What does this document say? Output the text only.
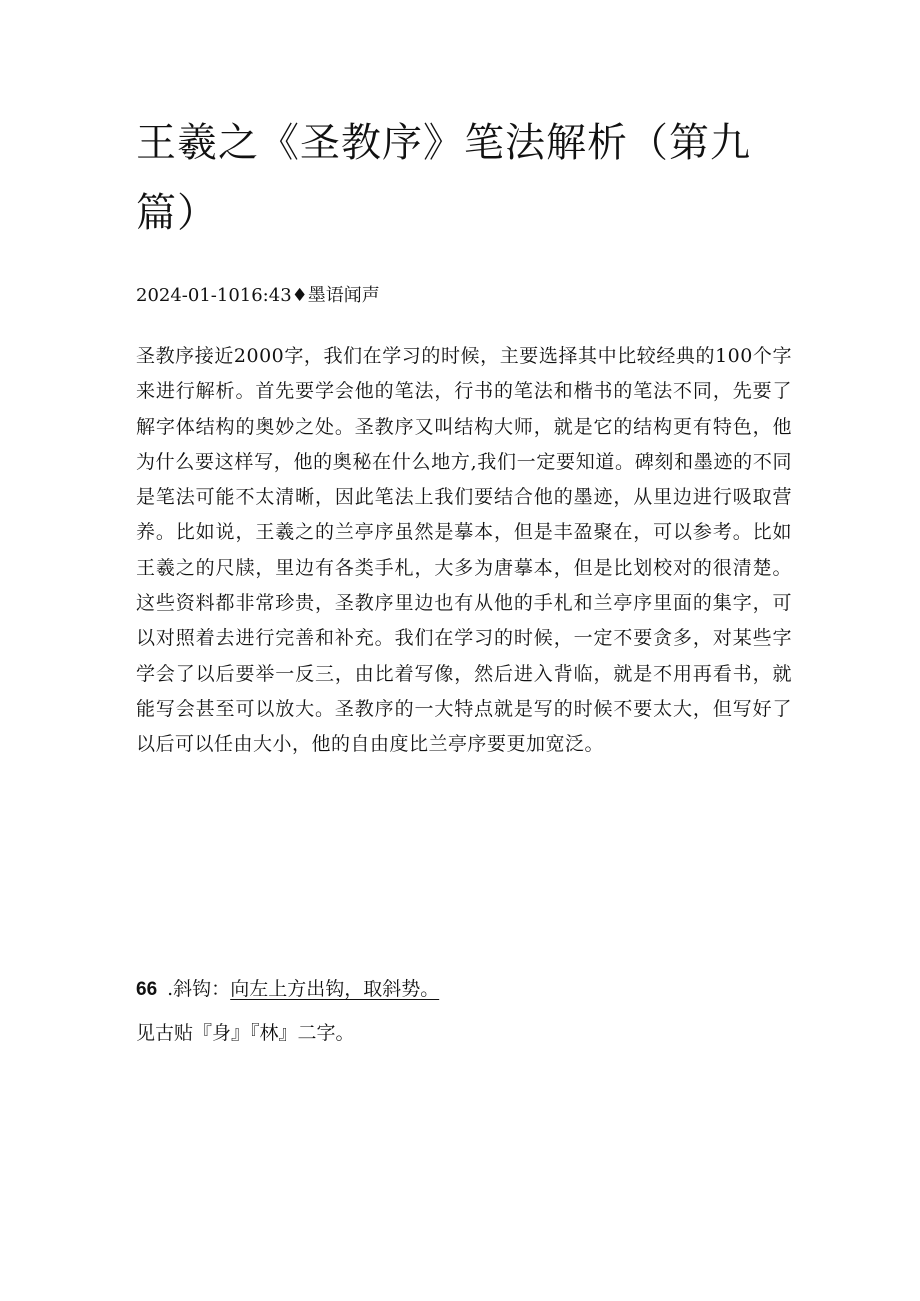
王羲之《圣教序》笔法解析（第九篇）
2024-01-1016:43♦墨语闻声

圣教序接近2000字，我们在学习的时候，主要选择其中比较经典的100个字来进行解析。首先要学会他的笔法，行书的笔法和楷书的笔法不同，先要了解字体结构的奥妙之处。圣教序又叫结构大师，就是它的结构更有特色，他为什么要这样写，他的奥秘在什么地方,我们一定要知道。碑刻和墨迹的不同是笔法可能不太清晰，因此笔法上我们要结合他的墨迹，从里边进行吸取营养。比如说，王羲之的兰亭序虽然是摹本，但是丰盈聚在，可以参考。比如王羲之的尺牍，里边有各类手札，大多为唐摹本，但是比划校对的很清楚。这些资料都非常珍贵，圣教序里边也有从他的手札和兰亭序里面的集字，可以对照着去进行完善和补充。我们在学习的时候，一定不要贪多，对某些字学会了以后要举一反三，由比着写像，然后进入背临，就是不用再看书，就能写会甚至可以放大。圣教序的一大特点就是写的时候不要太大，但写好了以后可以任由大小，他的自由度比兰亭序要更加宽泛。

66 .斜钩：向左上方出钩，取斜势。
见古贴『身』『林』二字。
